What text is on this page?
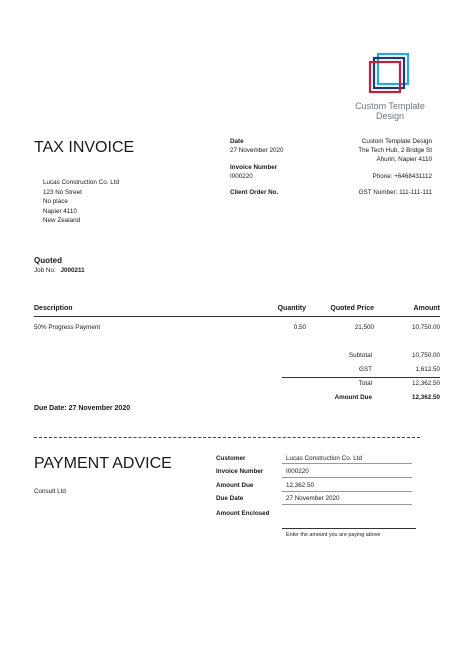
Custom Template
Design
TAX INVOICE
Lucas Construction Co. Ltd
123 No Street
No place
Napier 4110
New Zealand
Date
27 November 2020
Invoice Number
I000220
Client Order No.
Custom Template Design
The Tech Hub, 2 Bridge St
Ahuriri, Napier 4110
Phone: +6468431112
GST Number: 111-111-111
Quoted
Job No: J000211
Description	Quantity	Quoted Price	Amount
50% Progress Payment	0.50	21,500	10,750.00
Subtotal	10,750.00
GST	1,612.50
Total	12,362.50
Amount Due	12,362.50
Due Date: 27 November 2020
PAYMENT ADVICE
Consult Ltd
Customer	Lucas Construction Co. Ltd
Invoice Number	I000220
Amount Due	12,362.50
Due Date	27 November 2020
Amount Enclosed
Enter the amount you are paying above
